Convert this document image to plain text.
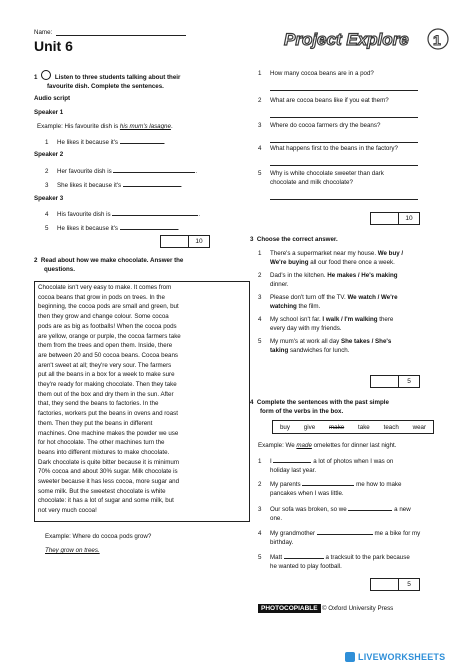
Name:
Unit 6	Project Explore 1
1	Listen to three students talking about their
favourite dish. Complete the sentences.
Audio script
Speaker 1
Example: His favourite dish is his mum's lasagne.
1 He likes it because it's	.
Speaker 2
2 Her favourite dish is	.
3 She likes it because it's	.
Speaker 3
4 His favourite dish is	.
5 He likes it because it's	.
10
2 Read about how we make chocolate. Answer the
questions.
Chocolate isn't very easy to make. It comes from
cocoa beans that grow in pods on trees. In the
beginning, the cocoa pods are small and green, but
then they grow and change colour. Some cocoa
pods are as big as footballs! When the cocoa pods
are yellow, orange or purple, the cocoa farmers take
them from the trees and open them. Inside, there
are between 20 and 50 cocoa beans. Cocoa beans
aren't sweet at all; they're very sour. The farmers
put all the beans in a box for a week to make sure
they're ready for making chocolate. Then they take
them out of the box and dry them in the sun. After
that, they send the beans to factories. In the
factories, workers put the beans in ovens and roast
them. Then they put the beans in different
machines. One machine makes the powder we use
for hot chocolate. The other machines turn the
beans into different mixtures to make chocolate.
Dark chocolate is quite bitter because it is minimum
70% cocoa and about 30% sugar. Milk chocolate is
sweeter because it has less cocoa, more sugar and
some milk. But the sweetest chocolate is white
chocolate: it has a lot of sugar and some milk, but
not very much cocoa!
Example: Where do cocoa pods grow?
They grow on trees.
1 How many cocoa beans are in a pod?
2 What are cocoa beans like if you eat them?
3 Where do cocoa farmers dry the beans?
4 What happens first to the beans in the factory?
5 Why is white chocolate sweeter than dark
chocolate and milk chocolate?
10
3 Choose the correct answer.
1 There's a supermarket near my house. We buy /
We're buying all our food there once a week.
2 Dad's in the kitchen. He makes / He's making
dinner.
3 Please don't turn off the TV. We watch / We're
watching the film.
4 My school isn't far. I walk / I'm walking there
every day with my friends.
5 My mum's at work all day She takes / She's
taking sandwiches for lunch.
5
4 Complete the sentences with the past simple
form of the verbs in the box.
buy give make take teach wear
Example: We made omelettes for dinner last night.
1 I	a lot of photos when I was on
holiday last year.
2 My parents	me how to make
pancakes when I was little.
3 Our sofa was broken, so we	a new
one.
4 My grandmother	me a bike for my
birthday.
5 Matt	a tracksuit to the park because
he wanted to play football.
5
PHOTOCOPIABLE © Oxford University Press
LIVEWORKSHEETS
